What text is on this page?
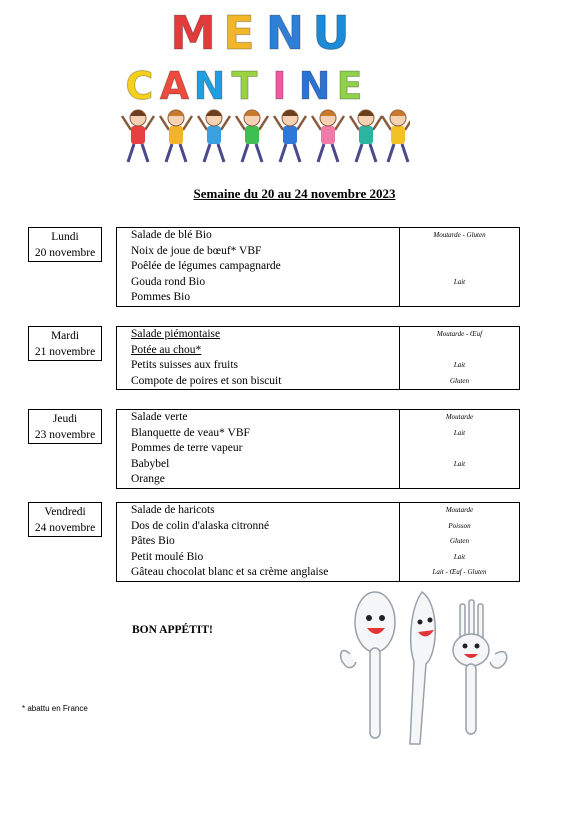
M E N U
C A N T I N E
Semaine du 20 au 24 novembre 2023
Lundi
20 novembre
Salade de blé Bio	Moutarde - Gluten
Noix de joue de bœuf* VBF
Poêlée de légumes campagnarde
Gouda rond Bio	Lait
Pommes Bio
Mardi
21 novembre
Salade piémontaise	Moutarde - Œuf
Potée au chou*
Petits suisses aux fruits	Lait
Compote de poires et son biscuit	Gluten
Jeudi
23 novembre
Salade verte	Moutarde
Blanquette de veau* VBF	Lait
Pommes de terre vapeur
Babybel	Lait
Orange
Vendredi
24 novembre
Salade de haricots	Moutarde
Dos de colin d'alaska citronné	Poisson
Pâtes Bio	Gluten
Petit moulé Bio	Lait
Gâteau chocolat blanc et sa crème anglaise	Lait - Œuf - Gluten
BON APPÉTIT!
* abattu en France
